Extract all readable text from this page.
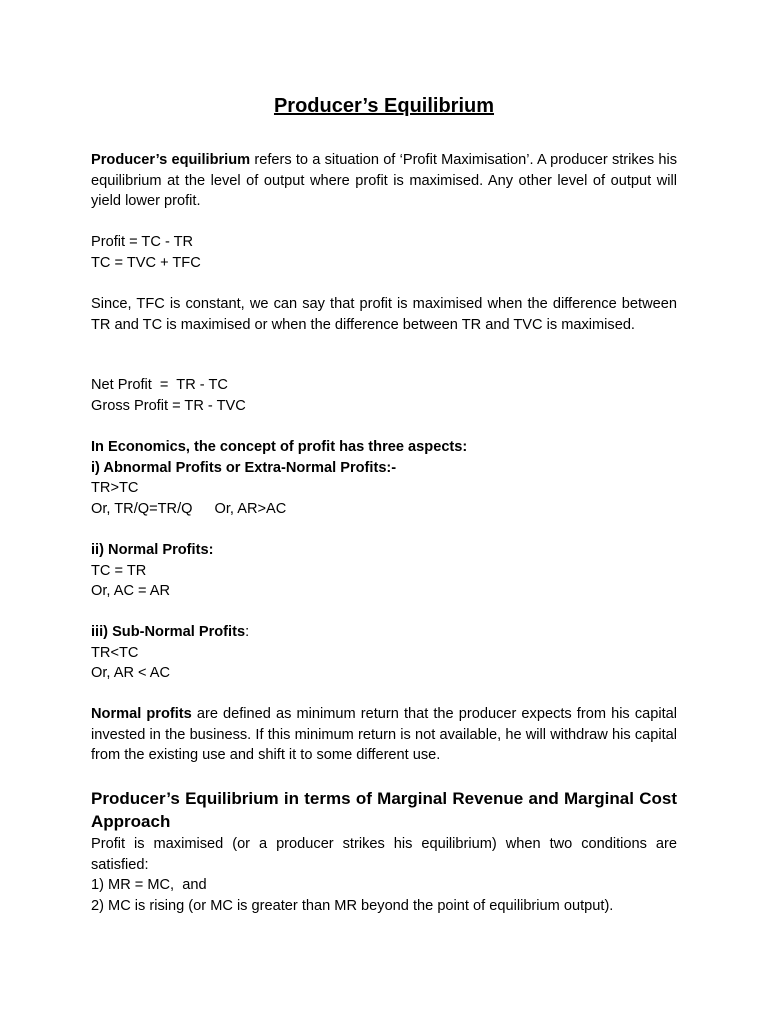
Producer’s Equilibrium
Producer’s equilibrium refers to a situation of ‘Profit Maximisation’. A producer strikes his equilibrium at the level of output where profit is maximised. Any other level of output will yield lower profit.
Profit = TC - TR
TC = TVC + TFC
Since, TFC is constant, we can say that profit is maximised when the difference between TR and TC is maximised or when the difference between TR and TVC is maximised.
Net Profit  =  TR - TC
Gross Profit = TR - TVC
In Economics, the concept of profit has three aspects:
i) Abnormal Profits or Extra-Normal Profits:-
TR>TC
Or, TR/Q=TR/Q Or, AR>AC
ii) Normal Profits:
TC = TR
Or, AC = AR
iii) Sub-Normal Profits:
TR<TC
Or, AR < AC
Normal profits are defined as minimum return that the producer expects from his capital invested in the business. If this minimum return is not available, he will withdraw his capital from the existing use and shift it to some different use.
Producer’s Equilibrium in terms of Marginal Revenue and Marginal Cost Approach
Profit is maximised (or a producer strikes his equilibrium) when two conditions are satisfied:
1) MR = MC,  and
2) MC is rising (or MC is greater than MR beyond the point of equilibrium output).
